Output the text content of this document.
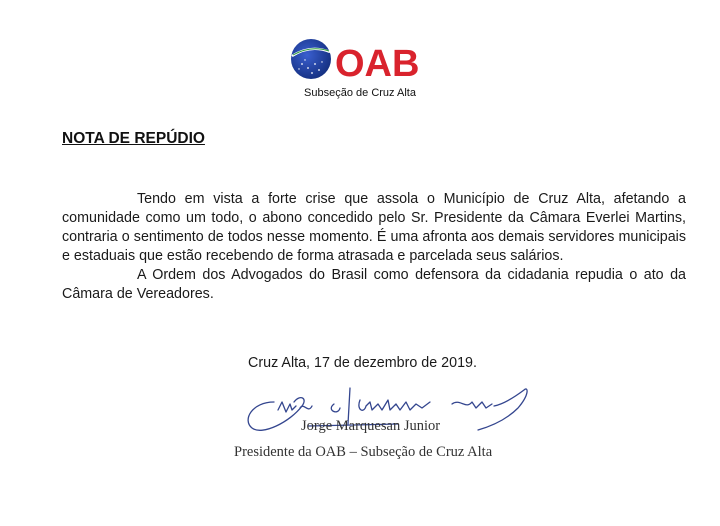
OAB
Subseção de Cruz Alta
NOTA DE REPÚDIO

Tendo em vista a forte crise que assola o Município de Cruz Alta, afetando a comunidade como um todo, o abono concedido pelo Sr. Presidente da Câmara Everlei Martins, contraria o sentimento de todos nesse momento. É uma afronta aos demais servidores municipais e estaduais que estão recebendo de forma atrasada e parcelada seus salários.

A Ordem dos Advogados do Brasil como defensora da cidadania repudia o ato da Câmara de Vereadores.

Cruz Alta, 17 de dezembro de 2019.
Jorge Marquesan Junior
Presidente da OAB – Subseção de Cruz Alta
